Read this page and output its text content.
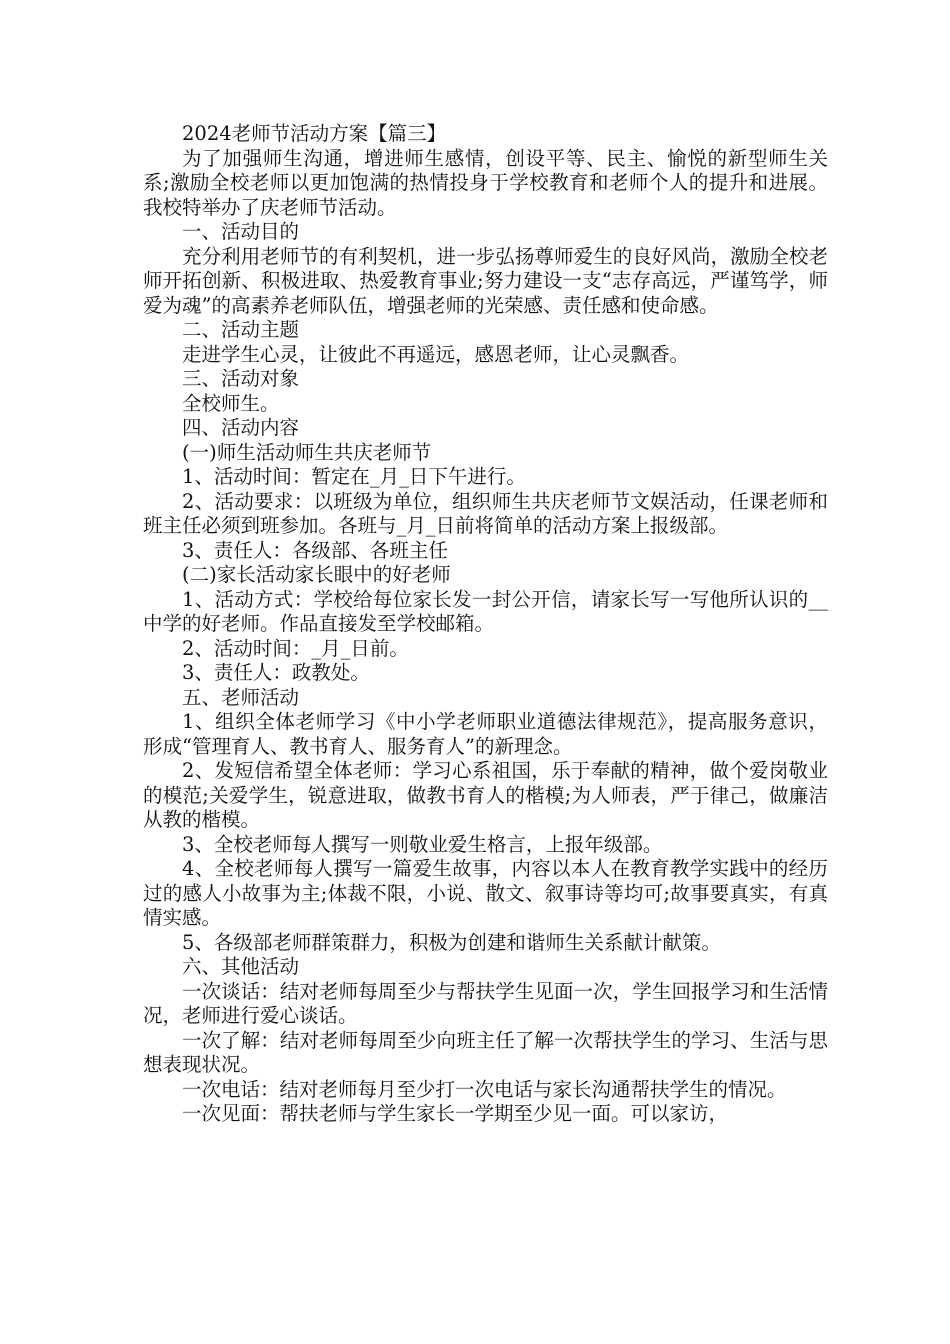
2024老师节活动方案【篇三】

为了加强师生沟通，增进师生感情，创设平等、民主、愉悦的新型师生关系;激励全校老师以更加饱满的热情投身于学校教育和老师个人的提升和进展。我校特举办了庆老师节活动。

一、活动目的

充分利用老师节的有利契机，进一步弘扬尊师爱生的良好风尚，激励全校老师开拓创新、积极进取、热爱教育事业;努力建设一支“志存高远，严谨笃学，师爱为魂”的高素养老师队伍，增强老师的光荣感、责任感和使命感。

二、活动主题

走进学生心灵，让彼此不再遥远，感恩老师，让心灵飘香。

三、活动对象

全校师生。

四、活动内容

(一)师生活动师生共庆老师节

1、活动时间：暂定在_月_日下午进行。

2、活动要求：以班级为单位，组织师生共庆老师节文娱活动，任课老师和班主任必须到班参加。各班与_月_日前将简单的活动方案上报级部。

3、责任人：各级部、各班主任

(二)家长活动家长眼中的好老师

1、活动方式：学校给每位家长发一封公开信，请家长写一写他所认识的__中学的好老师。作品直接发至学校邮箱。

2、活动时间：_月_日前。

3、责任人：政教处。

五、老师活动

1、组织全体老师学习《中小学老师职业道德法律规范》，提高服务意识，形成“管理育人、教书育人、服务育人”的新理念。

2、发短信希望全体老师：学习心系祖国，乐于奉献的精神，做个爱岗敬业的模范;关爱学生，锐意进取，做教书育人的楷模;为人师表，严于律己，做廉洁从教的楷模。

3、全校老师每人撰写一则敬业爱生格言，上报年级部。

4、全校老师每人撰写一篇爱生故事，内容以本人在教育教学实践中的经历过的感人小故事为主;体裁不限，小说、散文、叙事诗等均可;故事要真实，有真情实感。

5、各级部老师群策群力，积极为创建和谐师生关系献计献策。

六、其他活动

一次谈话：结对老师每周至少与帮扶学生见面一次，学生回报学习和生活情况，老师进行爱心谈话。

一次了解：结对老师每周至少向班主任了解一次帮扶学生的学习、生活与思想表现状况。

一次电话：结对老师每月至少打一次电话与家长沟通帮扶学生的情况。

一次见面：帮扶老师与学生家长一学期至少见一面。可以家访，
